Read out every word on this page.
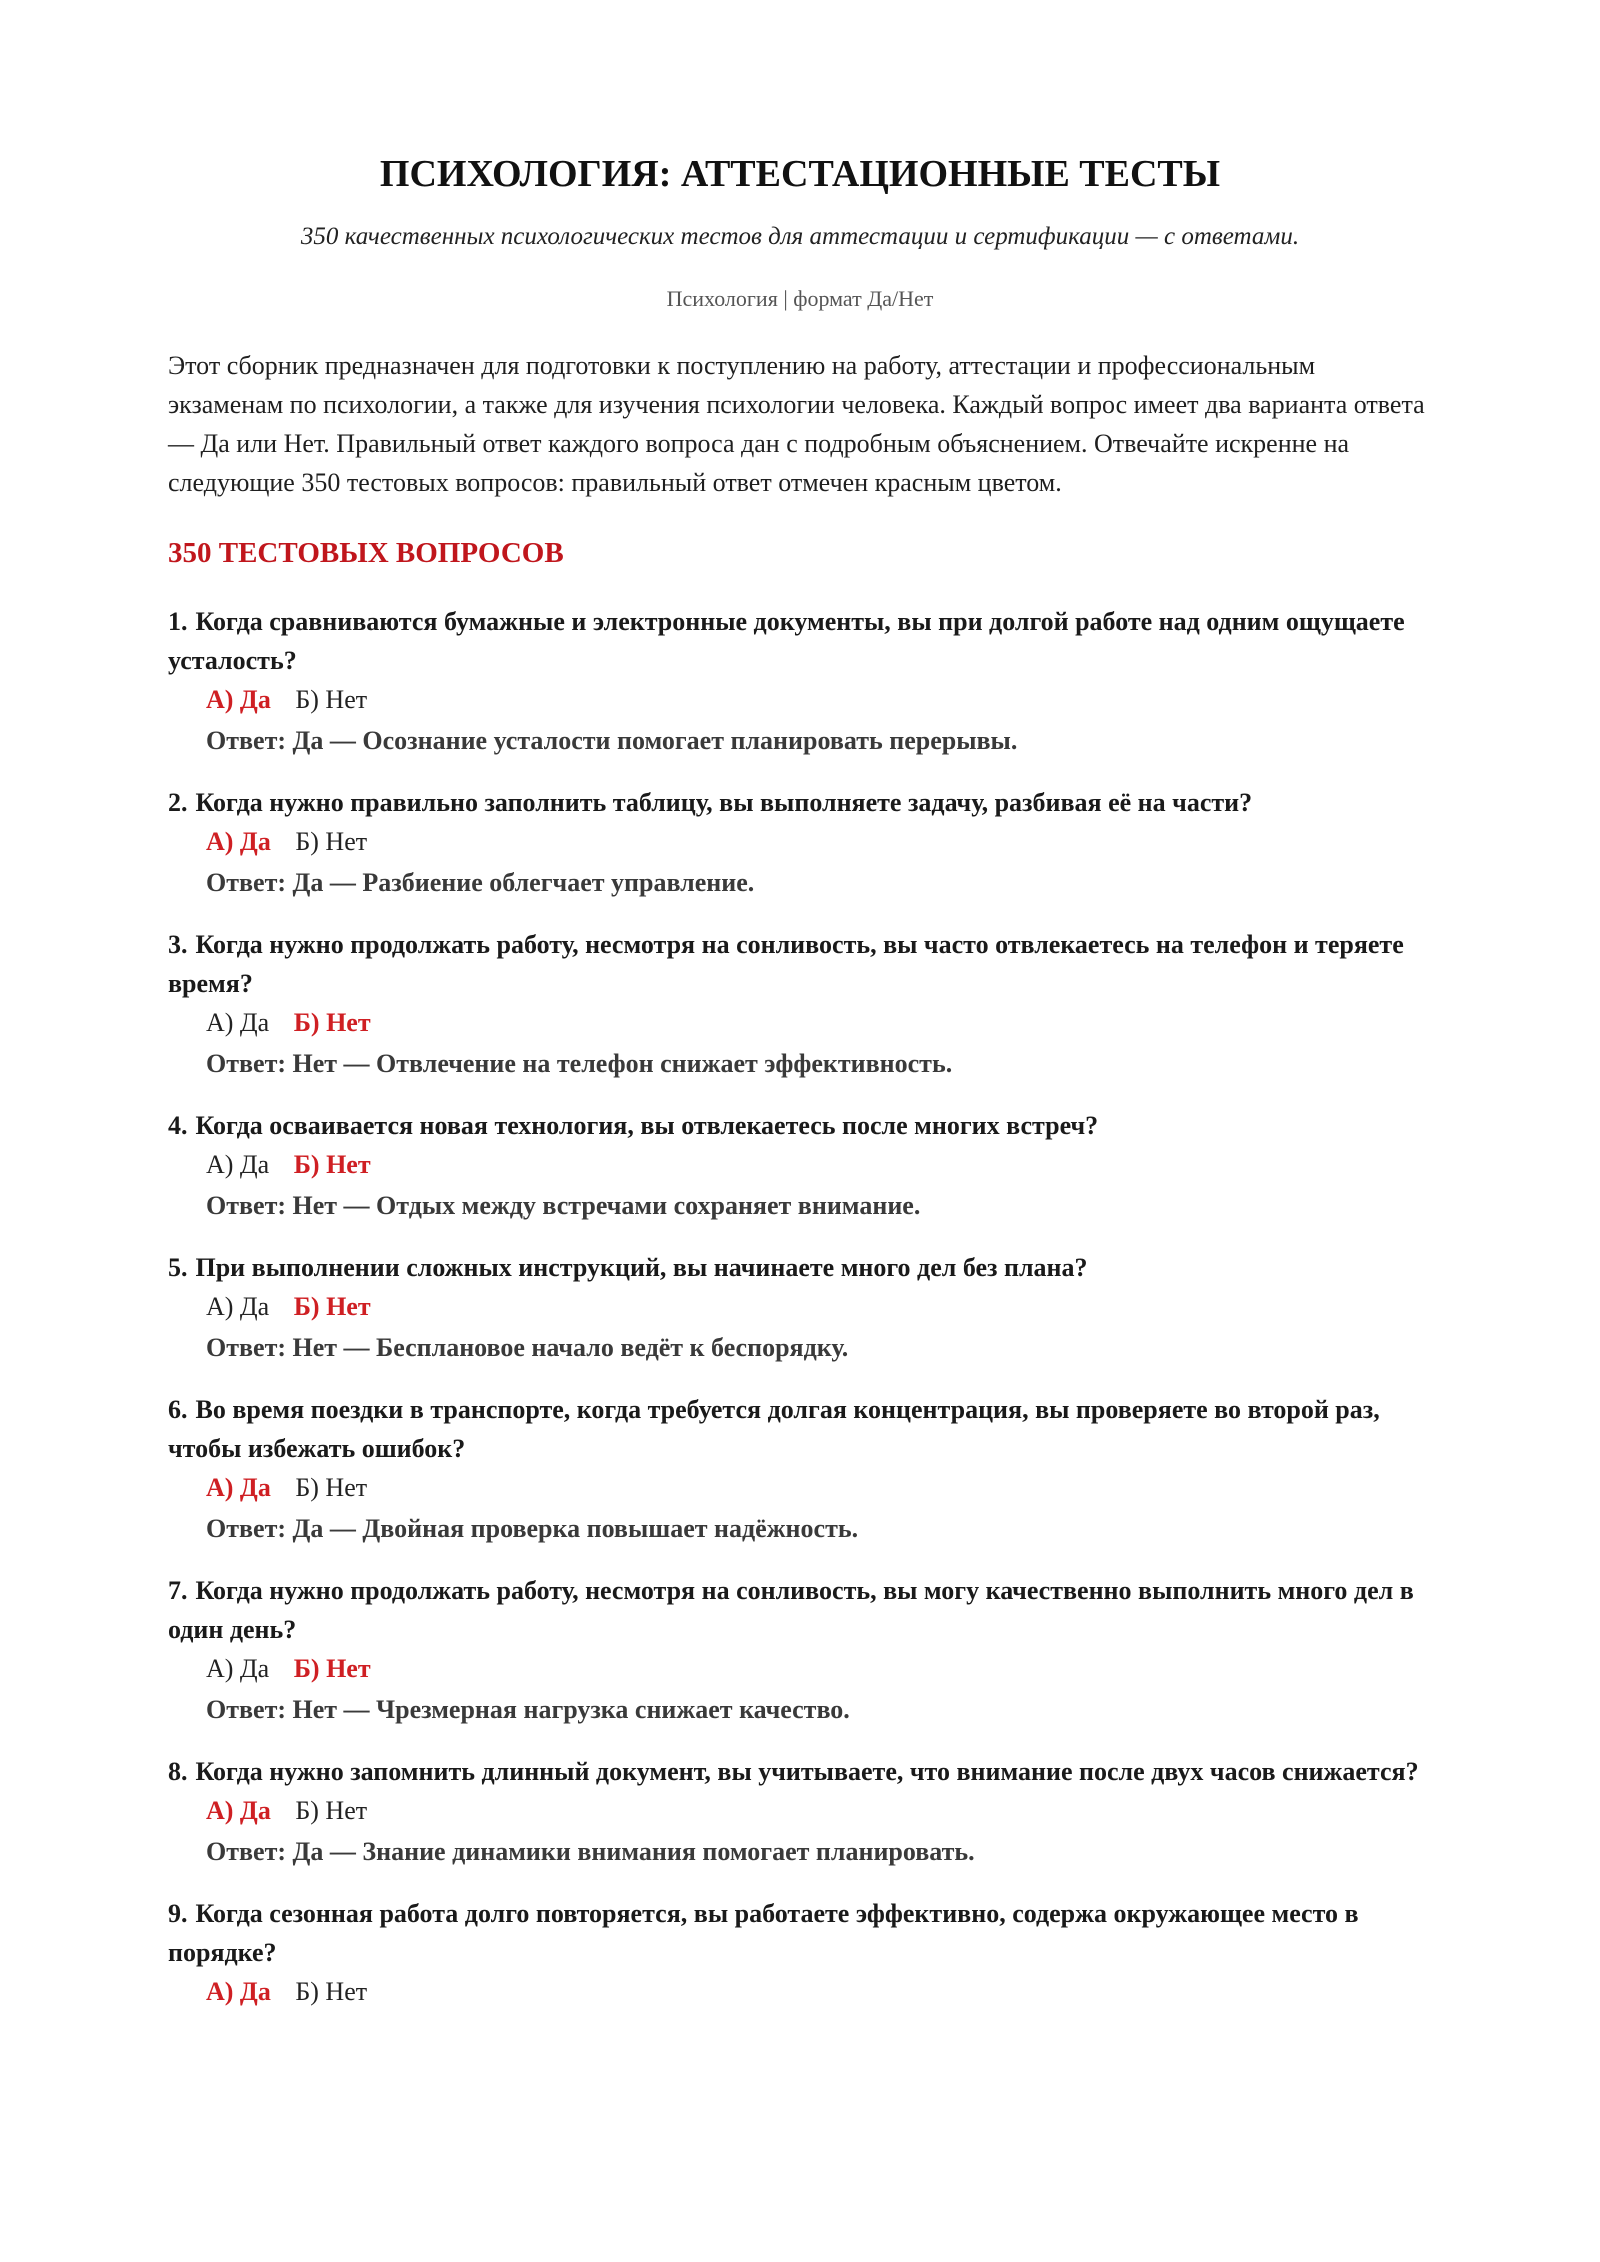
ПСИХОЛОГИЯ: АТТЕСТАЦИОННЫЕ ТЕСТЫ
350 качественных психологических тестов для аттестации и сертификации — с ответами.
Психология | формат Да/Нет

Этот сборник предназначен для подготовки к поступлению на работу, аттестации и профессиональным экзаменам по психологии, а также для изучения психологии человека. Каждый вопрос имеет два варианта ответа — Да или Нет. Правильный ответ каждого вопроса дан с подробным объяснением. Отвечайте искренне на следующие 350 тестовых вопросов: правильный ответ отмечен красным цветом.

350 ТЕСТОВЫХ ВОПРОСОВ
1. Когда сравниваются бумажные и электронные документы, вы при долгой работе над одним ощущаете усталость?
А) Да Б) Нет
Ответ: Да — Осознание усталости помогает планировать перерывы.
2. Когда нужно правильно заполнить таблицу, вы выполняете задачу, разбивая её на части?
А) Да Б) Нет
Ответ: Да — Разбиение облегчает управление.
3. Когда нужно продолжать работу, несмотря на сонливость, вы часто отвлекаетесь на телефон и теряете время?
А) Да Б) Нет
Ответ: Нет — Отвлечение на телефон снижает эффективность.
4. Когда осваивается новая технология, вы отвлекаетесь после многих встреч?
А) Да Б) Нет
Ответ: Нет — Отдых между встречами сохраняет внимание.
5. При выполнении сложных инструкций, вы начинаете много дел без плана?
А) Да Б) Нет
Ответ: Нет — Бесплановое начало ведёт к беспорядку.
6. Во время поездки в транспорте, когда требуется долгая концентрация, вы проверяете во второй раз, чтобы избежать ошибок?
А) Да Б) Нет
Ответ: Да — Двойная проверка повышает надёжность.
7. Когда нужно продолжать работу, несмотря на сонливость, вы могу качественно выполнить много дел в один день?
А) Да Б) Нет
Ответ: Нет — Чрезмерная нагрузка снижает качество.
8. Когда нужно запомнить длинный документ, вы учитываете, что внимание после двух часов снижается?
А) Да Б) Нет
Ответ: Да — Знание динамики внимания помогает планировать.
9. Когда сезонная работа долго повторяется, вы работаете эффективно, содержа окружающее место в порядке?
А) Да Б) Нет
